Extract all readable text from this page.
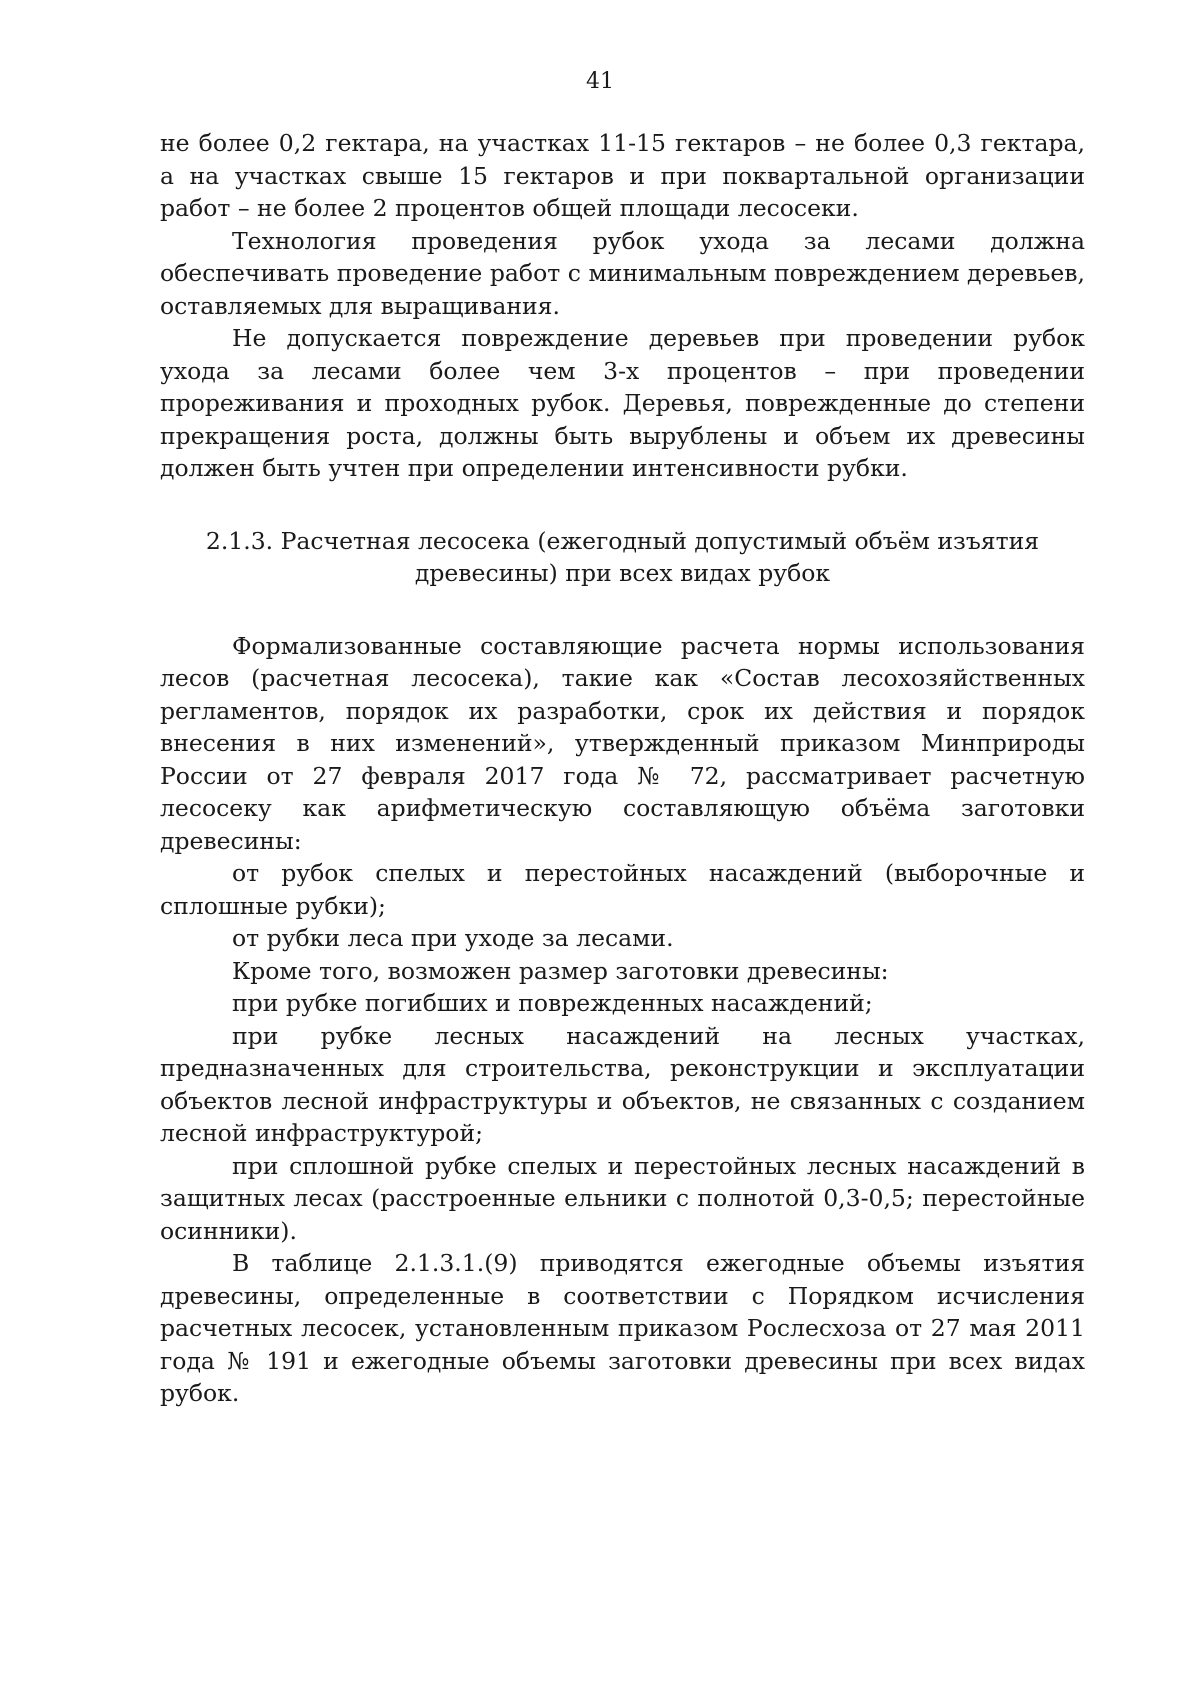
41

не более 0,2 гектара, на участках 11-15 гектаров – не более 0,3 гектара, а на участках свыше 15 гектаров и при поквартальной организации работ – не более 2 процентов общей площади лесосеки.

Технология проведения рубок ухода за лесами должна обеспечивать проведение работ с минимальным повреждением деревьев, оставляемых для выращивания.

Не допускается повреждение деревьев при проведении рубок ухода за лесами более чем 3-х процентов – при проведении прореживания и проходных рубок. Деревья, поврежденные до степени прекращения роста, должны быть вырублены и объем их древесины должен быть учтен при определении интенсивности рубки.

2.1.3. Расчетная лесосека (ежегодный допустимый объём изъятия
древесины) при всех видах рубок

Формализованные составляющие расчета нормы использования лесов (расчетная лесосека), такие как «Состав лесохозяйственных регламентов, порядок их разработки, срок их действия и порядок внесения в них изменений», утвержденный приказом Минприроды России от 27 февраля 2017 года № 72, рассматривает расчетную лесосеку как арифметическую составляющую объёма заготовки древесины:

от рубок спелых и перестойных насаждений (выборочные и сплошные рубки);

от рубки леса при уходе за лесами.

Кроме того, возможен размер заготовки древесины:

при рубке погибших и поврежденных насаждений;

при рубке лесных насаждений на лесных участках, предназначенных для строительства, реконструкции и эксплуатации объектов лесной инфраструктуры и объектов, не связанных с созданием лесной инфраструктурой;

при сплошной рубке спелых и перестойных лесных насаждений в защитных лесах (расстроенные ельники с полнотой 0,3-0,5; перестойные осинники).

В таблице 2.1.3.1.(9) приводятся ежегодные объемы изъятия древесины, определенные в соответствии с Порядком исчисления расчетных лесосек, установленным приказом Рослесхоза от 27 мая 2011 года № 191 и ежегодные объемы заготовки древесины при всех видах рубок.
